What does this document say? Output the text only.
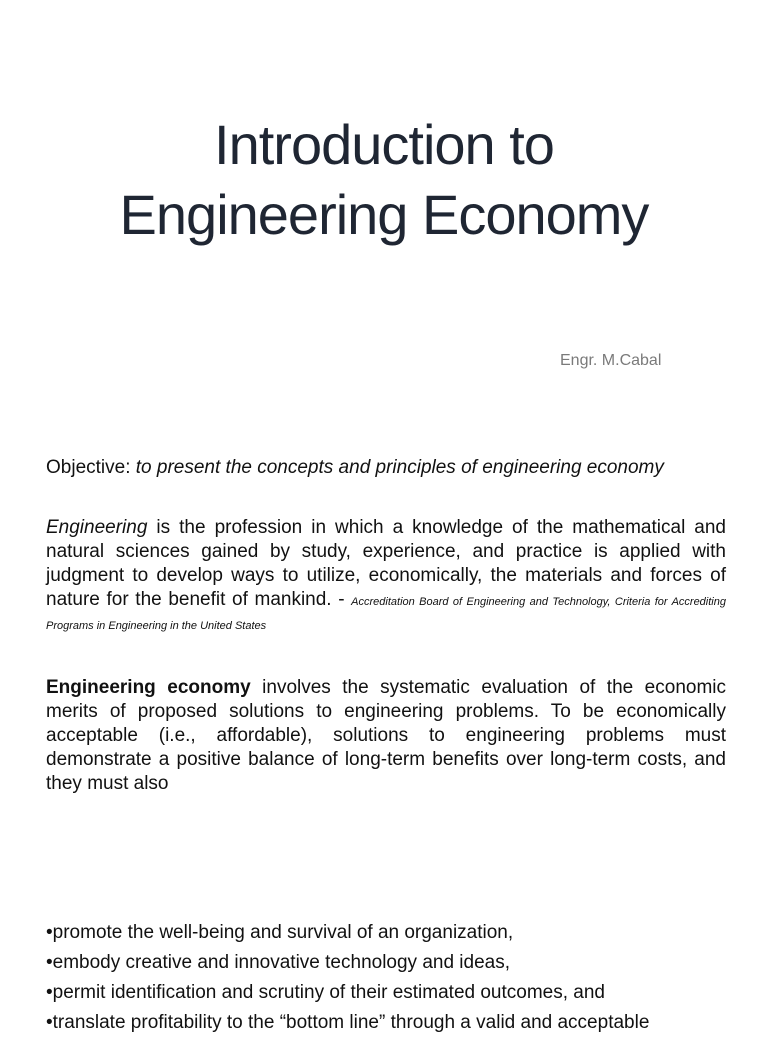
Introduction to
Engineering Economy
Engr. M.Cabal

Objective: to present the concepts and principles of engineering economy

Engineering is the profession in which a knowledge of the mathematical and natural sciences gained by study, experience, and practice is applied with judgment to develop ways to utilize, economically, the materials and forces of nature for the benefit of mankind. - Accreditation Board of Engineering and Technology, Criteria for Accrediting Programs in Engineering in the United States

Engineering economy involves the systematic evaluation of the economic merits of proposed solutions to engineering problems. To be economically acceptable (i.e., affordable), solutions to engineering problems must demonstrate a positive balance of long-term benefits over long-term costs, and they must also

• promote the well-being and survival of an organization,
• embody creative and innovative technology and ideas,
• permit identification and scrutiny of their estimated outcomes, and
• translate profitability to the “bottom line” through a valid and acceptable
